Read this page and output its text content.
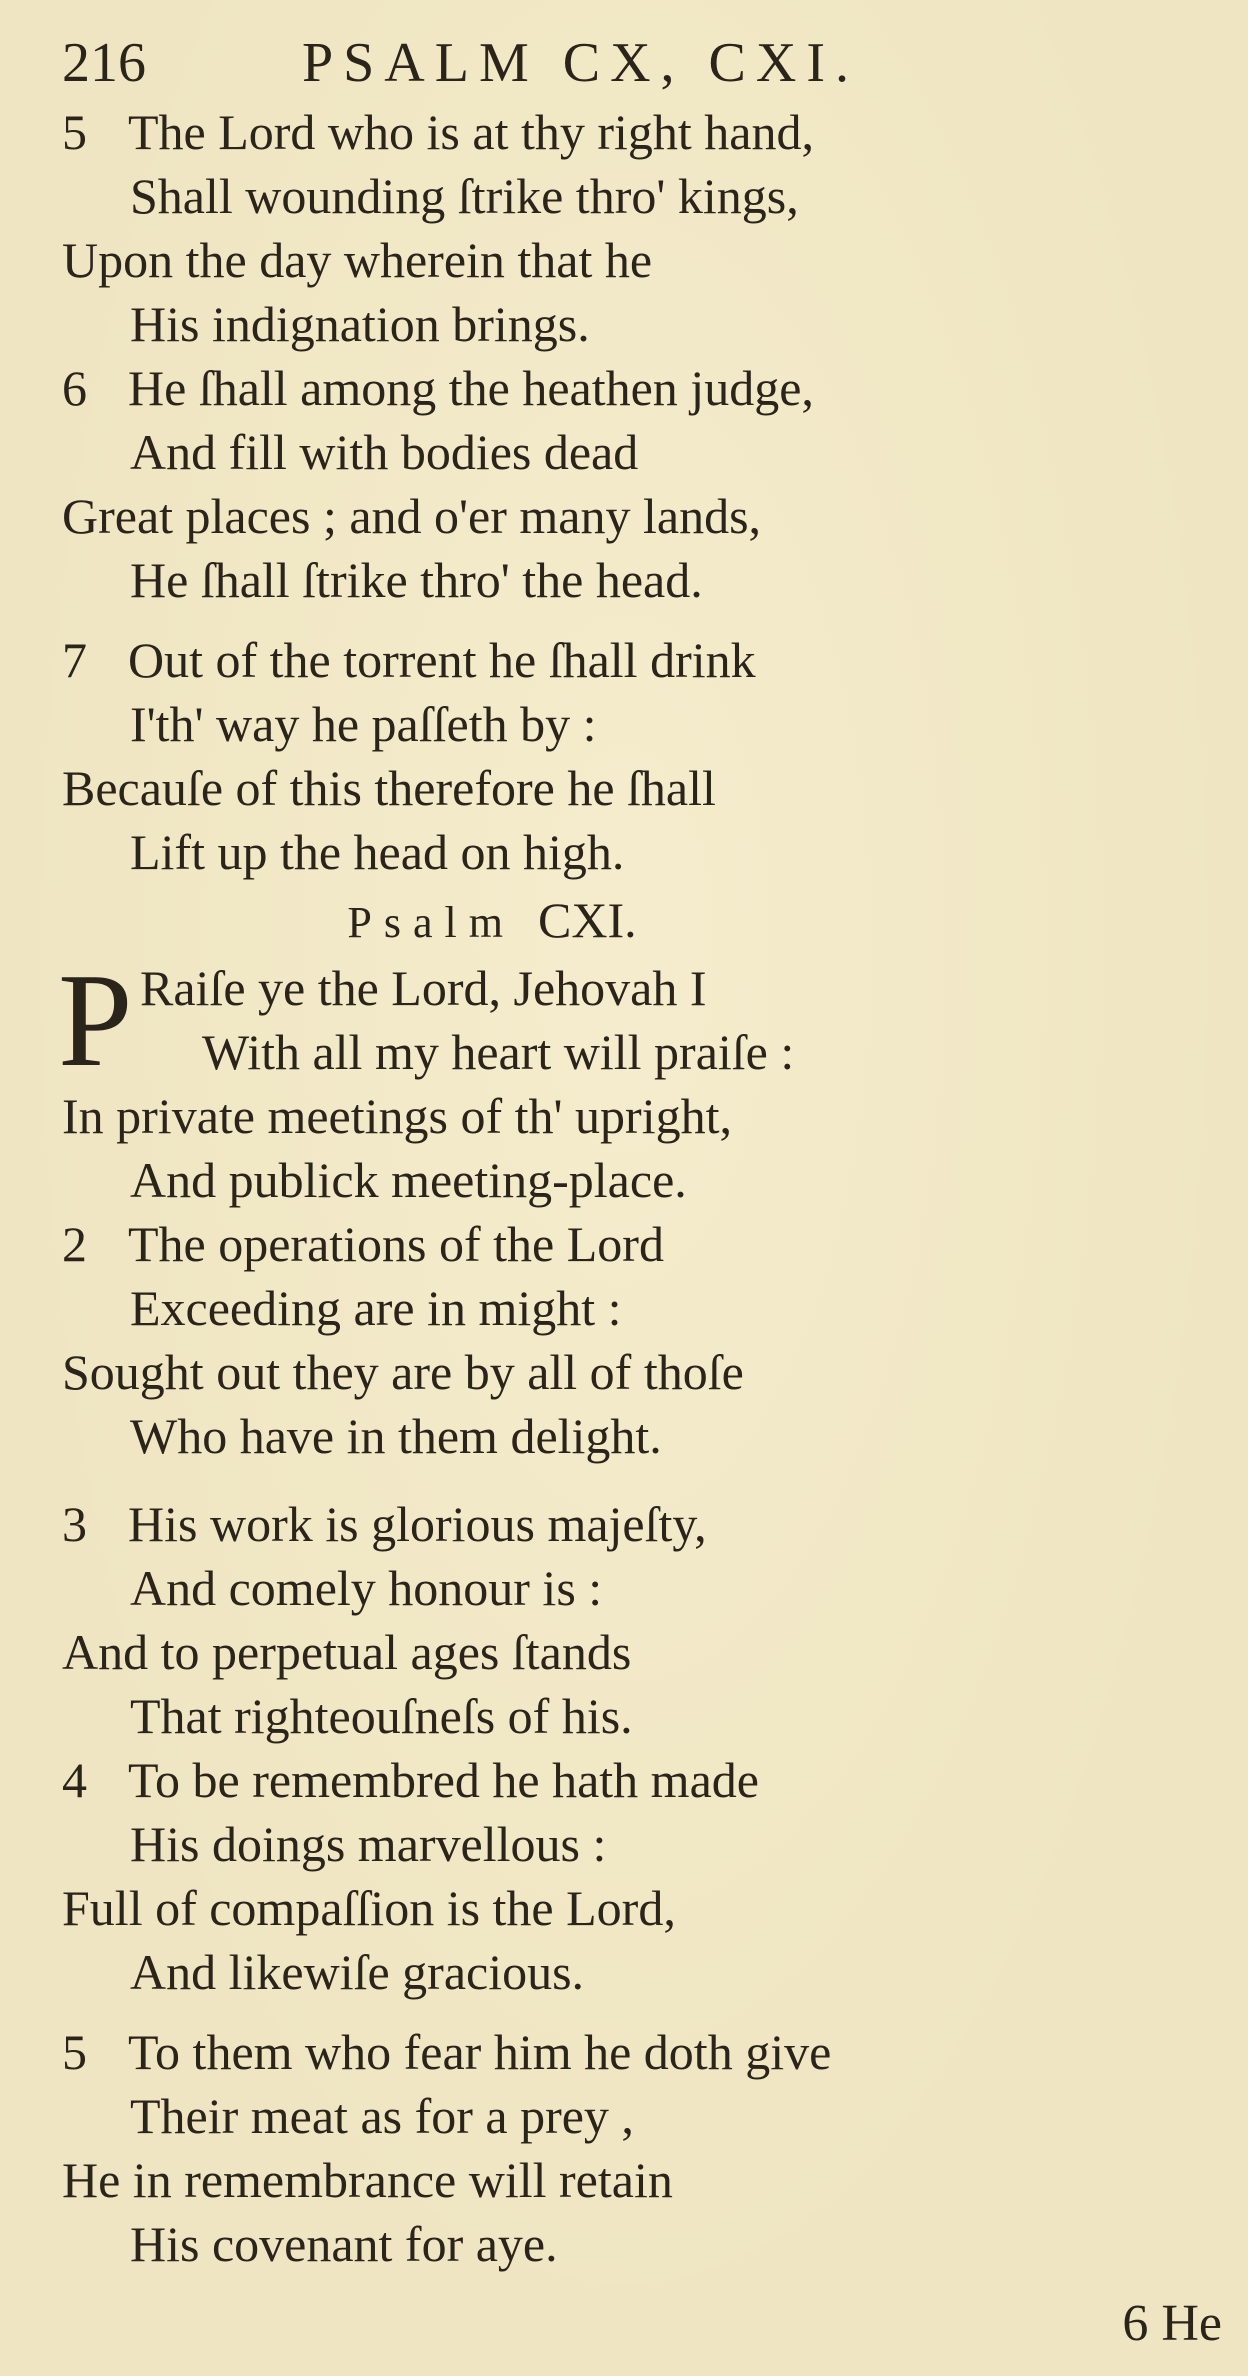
216	PSALM CX, CXI.
5 The Lord who is at thy right hand,
Shall wounding ſtrike thro' kings,
Upon the day wherein that he
His indignation brings.
6 He ſhall among the heathen judge,
And fill with bodies dead
Great places ; and o'er many lands,
He ſhall ſtrike thro' the head.
7 Out of the torrent he ſhall drink
I'th' way he paſſeth by :
Becauſe of this therefore he ſhall
Lift up the head on high.
Psalm CXI.
P Raiſe ye the Lord, Jehovah I
With all my heart will praiſe :
In private meetings of th' upright,
And publick meeting-place.
2 The operations of the Lord
Exceeding are in might :
Sought out they are by all of thoſe
Who have in them delight.
3 His work is glorious majeſty,
And comely honour is :
And to perpetual ages ſtands
That righteouſneſs of his.
4 To be remembred he hath made
His doings marvellous :
Full of compaſſion is the Lord,
And likewiſe gracious.
5 To them who fear him he doth give
Their meat as for a prey ,
He in remembrance will retain
His covenant for aye.
6 He
